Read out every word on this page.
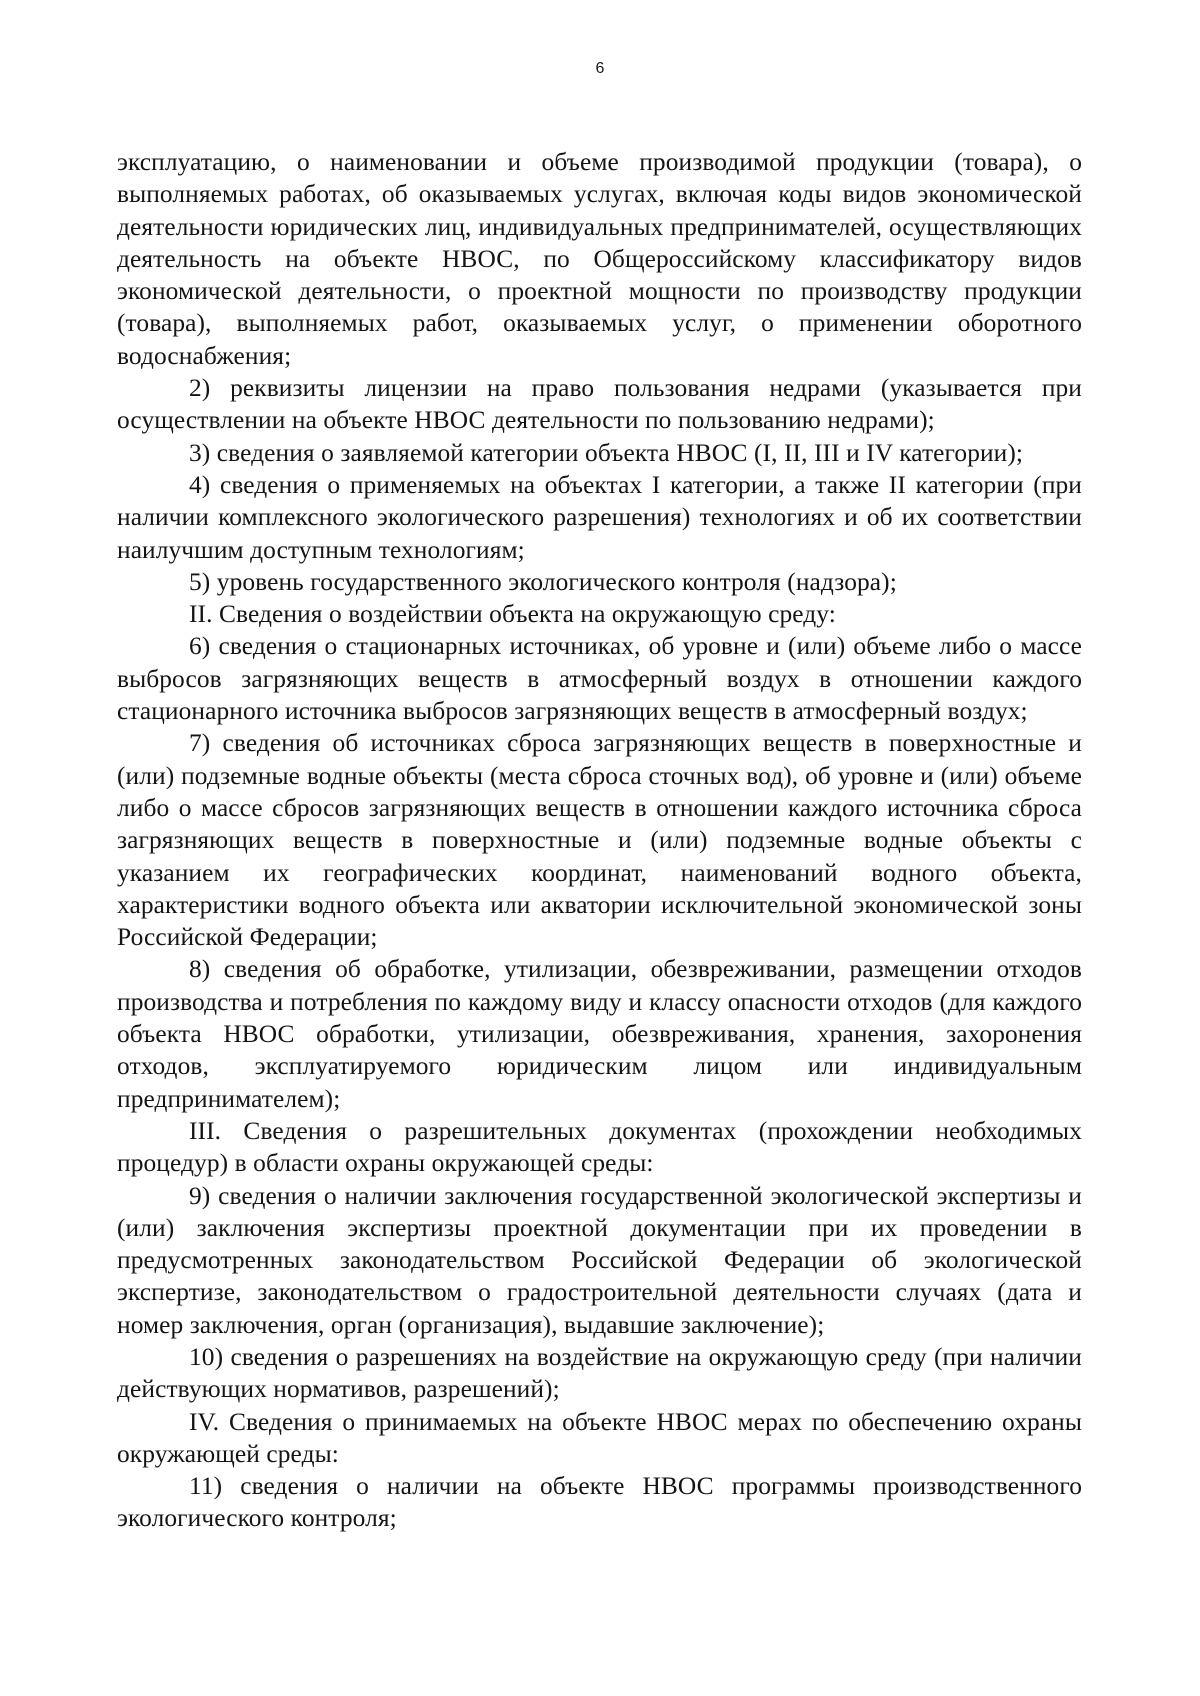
6

эксплуатацию, о наименовании и объеме производимой продукции (товара), о выполняемых работах, об оказываемых услугах, включая коды видов экономической деятельности юридических лиц, индивидуальных предпринимателей, осуществляющих деятельность на объекте НВОС, по Общероссийскому классификатору видов экономической деятельности, о проектной мощности по производству продукции (товара), выполняемых работ, оказываемых услуг, о применении оборотного водоснабжения;

2) реквизиты лицензии на право пользования недрами (указывается при осуществлении на объекте НВОС деятельности по пользованию недрами);

3) сведения о заявляемой категории объекта НВОС (I, II, III и IV категории);

4) сведения о применяемых на объектах I категории, а также II категории (при наличии комплексного экологического разрешения) технологиях и об их соответствии наилучшим доступным технологиям;

5) уровень государственного экологического контроля (надзора);

II. Сведения о воздействии объекта на окружающую среду:

6) сведения о стационарных источниках, об уровне и (или) объеме либо о массе выбросов загрязняющих веществ в атмосферный воздух в отношении каждого стационарного источника выбросов загрязняющих веществ в атмосферный воздух;

7) сведения об источниках сброса загрязняющих веществ в поверхностные и (или) подземные водные объекты (места сброса сточных вод), об уровне и (или) объеме либо о массе сбросов загрязняющих веществ в отношении каждого источника сброса загрязняющих веществ в поверхностные и (или) подземные водные объекты с указанием их географических координат, наименований водного объекта, характеристики водного объекта или акватории исключительной экономической зоны Российской Федерации;

8) сведения об обработке, утилизации, обезвреживании, размещении отходов производства и потребления по каждому виду и классу опасности отходов (для каждого объекта НВОС обработки, утилизации, обезвреживания, хранения, захоронения отходов, эксплуатируемого юридическим лицом или индивидуальным предпринимателем);

III. Сведения о разрешительных документах (прохождении необходимых процедур) в области охраны окружающей среды:

9) сведения о наличии заключения государственной экологической экспертизы и (или) заключения экспертизы проектной документации при их проведении в предусмотренных законодательством Российской Федерации об экологической экспертизе, законодательством о градостроительной деятельности случаях (дата и номер заключения, орган (организация), выдавшие заключение);

10) сведения о разрешениях на воздействие на окружающую среду (при наличии действующих нормативов, разрешений);

IV. Сведения о принимаемых на объекте НВОС мерах по обеспечению охраны окружающей среды:

11) сведения о наличии на объекте НВОС программы производственного экологического контроля;
